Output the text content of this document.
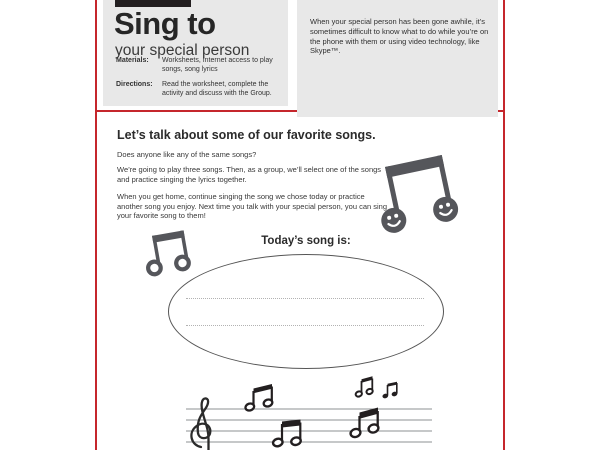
Sing to
your special person
Materials:	Worksheets, Internet access to play songs, song lyrics
Directions:	Read the worksheet, complete the activity and discuss with the Group.

When your special person has been gone awhile, it’s sometimes difficult to know what to do while you’re on the phone with them or using video technology, like Skype™.

Let’s talk about some of our favorite songs.

Does anyone like any of the same songs?

We’re going to play three songs. Then, as a group, we’ll select one of the songs and practice singing the lyrics together.

When you get home, continue singing the song we chose today or practice another song you enjoy. Next time you talk with your special person, you can sing your favorite song to them!

Today’s song is:
